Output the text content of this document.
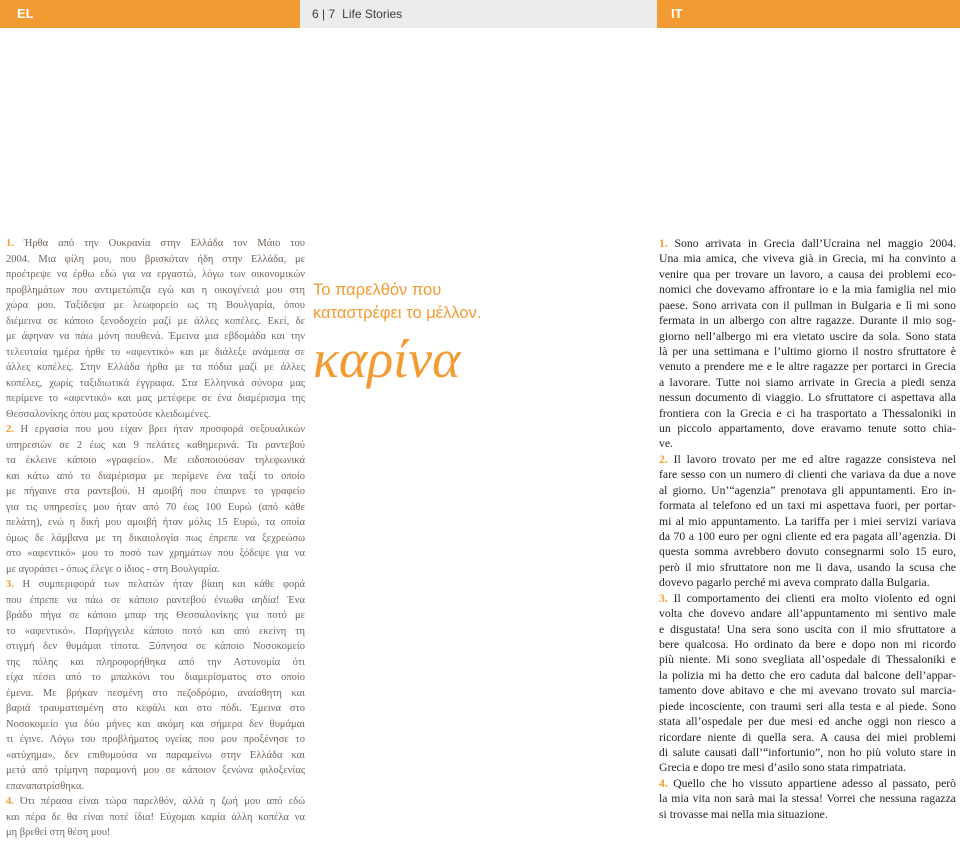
EL	6 | 7 Life Stories	IT
1. Ήρθα από την Ουκρανία στην Ελλάδα τον Μάιο του
2004. Μια φίλη μου, που βρισκόταν ήδη στην Ελλάδα, με
προέτρεψε να έρθω εδώ για να εργαστώ, λόγω των οικονομικών
προβλημάτων που αντιμετώπιζα εγώ και η οικογένειά μου στη
χώρα μου. Ταξίδεψα με λεωφορείο ως τη Βουλγαρία, όπου
διέμεινα σε κάποιο ξενοδοχείο μαζί με άλλες κοπέλες. Εκεί, δε
με άφηναν να πάω μόνη πουθενά. Έμεινα μια εβδομάδα και την
τελευταία ημέρα ήρθε το «αφεντικό» και με διάλεξε ανάμεσα σε
άλλες κοπέλες. Στην Ελλάδα ήρθα με τα πόδια μαζί με άλλες
κοπέλες, χωρίς ταξιδιωτικά έγγραφα. Στα Ελληνικά σύνορα μας
περίμενε το «αφεντικό» και μας μετέφερε σε ένα διαμέρισμα της
Θεσσαλονίκης όπου μας κρατούσε κλειδωμένες.
2. Η εργασία που μου είχαν βρει ήταν προσφορά σεξουαλικών
υπηρεσιών σε 2 έως και 9 πελάτες καθημερινά. Τα ραντεβού
τα έκλεινε κάποιο «γραφείο». Με ειδοποιούσαν τηλεφωνικά
και κάτω από το διαμέρισμα με περίμενε ένα ταξί το οποίο
με πήγαινε στα ραντεβού. Η αμοιβή που έπαιρνε το γραφείο
για τις υπηρεσίες μου ήταν από 70 έως 100 Ευρώ (από κάθε
πελάτη), ενώ η δική μου αμοιβή ήταν μόλις 15 Ευρώ, τα οποία
όμως δε λάμβανα με τη δικαιολογία πως έπρεπε να ξεχρεώσω
στο «αφεντικό» μου το ποσό των χρημάτων που ξόδεψε για να
με αγοράσει - όπως έλεγε ο ίδιος - στη Βουλγαρία.
3. Η συμπεριφορά των πελατών ήταν βίαιη και κάθε φορά
που έπρεπε να πάω σε κάποιο ραντεβού ένιωθα αηδία! Ένα
βράδυ πήγα σε κάποιο μπαρ της Θεσσαλονίκης για ποτό με
το «αφεντικό». Παρήγγειλε κάποιο ποτό και από εκείνη τη
στιγμή δεν θυμάμαι τίποτα. Ξύπνησα σε κάποιο Νοσοκομείο
της πόλης και πληροφορήθηκα από την Αστυνομία ότι
είχα πέσει από το μπαλκόνι του διαμερίσματος στο οποίο
έμενα. Με βρήκαν πεσμένη στο πεζοδρόμιο, αναίσθητη και
βαριά τραυματισμένη στο κεφάλι και στο πόδι. Έμεινα στο
Νοσοκομείο για δύο μήνες και ακόμη και σήμερα δεν θυμάμαι
τι έγινε. Λόγω του προβλήματος υγείας που μου προξένησε το
«ατύχημα», δεν επιθυμούσα να παραμείνω στην Ελλάδα και
μετά από τρίμηνη παραμονή μου σε κάποιον ξενώνα φιλοξενίας
επαναπατρίσθηκα.
4. Ότι πέρασα είναι τώρα παρελθόν, αλλά η ζωή μου από εδώ
και πέρα δε θα είναι ποτέ ίδια! Εύχομαι καμία άλλη κοπέλα να
μη βρεθεί στη θέση μου!
Το παρελθόν που
καταστρέφει το μέλλον.
καρίνα
1. Sono arrivata in Grecia dall’Ucraina nel maggio 2004.
Una mia amica, che viveva già in Grecia, mi ha convinto a
venire qua per trovare un lavoro, a causa dei problemi eco-
nomici che dovevamo affrontare io e la mia famiglia nel mio
paese. Sono arrivata con il pullman in Bulgaria e lì mi sono
fermata in un albergo con altre ragazze. Durante il mio sog-
giorno nell’albergo mi era vietato uscire da sola. Sono stata
là per una settimana e l’ultimo giorno il nostro sfruttatore è
venuto a prendere me e le altre ragazze per portarci in Grecia
a lavorare. Tutte noi siamo arrivate in Grecia a piedi senza
nessun documento di viaggio. Lo sfruttatore ci aspettava alla
frontiera con la Grecia e ci ha trasportato a Thessaloniki in
un piccolo appartamento, dove eravamo tenute sotto chia-
ve.
2. Il lavoro trovato per me ed altre ragazze consisteva nel
fare sesso con un numero di clienti che variava da due a nove
al giorno. Un’“agenzia” prenotava gli appuntamenti. Ero in-
formata al telefono ed un taxi mi aspettava fuori, per portar-
mi al mio appuntamento. La tariffa per i miei servizi variava
da 70 a 100 euro per ogni cliente ed era pagata all’agenzia. Di
questa somma avrebbero dovuto consegnarmi solo 15 euro,
però il mio sfruttatore non me li dava, usando la scusa che
dovevo pagarlo perché mi aveva comprato dalla Bulgaria.
3. Il comportamento dei clienti era molto violento ed ogni
volta che dovevo andare all’appuntamento mi sentivo male
e disgustata! Una sera sono uscita con il mio sfruttatore a
bere qualcosa. Ho ordinato da bere e dopo non mi ricordo
più niente. Mi sono svegliata all’ospedale di Thessaloniki e
la polizia mi ha detto che ero caduta dal balcone dell’appar-
tamento dove abitavo e che mi avevano trovato sul marcia-
piede incosciente, con traumi seri alla testa e al piede. Sono
stata all’ospedale per due mesi ed anche oggi non riesco a
ricordare niente di quella sera. A causa dei miei problemi
di salute causati dall’“infortunio”, non ho più voluto stare in
Grecia e dopo tre mesi d’asilo sono stata rimpatriata.
4. Quello che ho vissuto appartiene adesso al passato, però
la mia vita non sarà mai la stessa! Vorrei che nessuna ragazza
si trovasse mai nella mia situazione.
